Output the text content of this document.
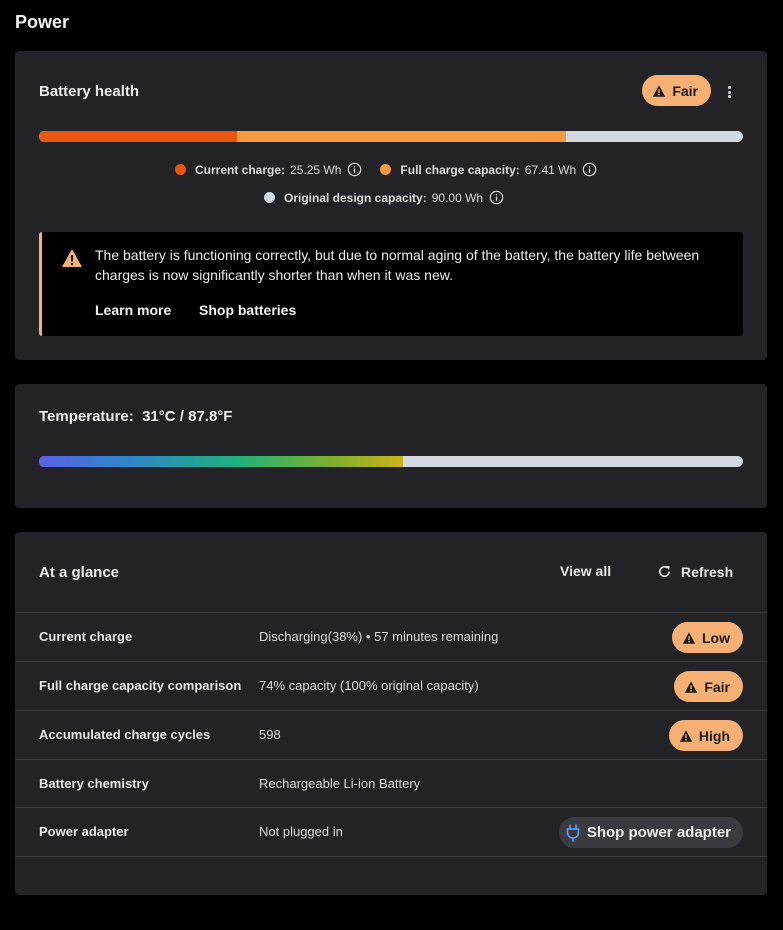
Power
Battery health	Fair
Current charge: 25.25 Wh	Full charge capacity: 67.41 Wh
Original design capacity: 90.00 Wh
The battery is functioning correctly, but due to normal aging of the battery, the battery life between charges is now significantly shorter than when it was new.
Learn more Shop batteries
Temperature: 31°C / 87.8°F
At a glance	View all	Refresh
Current charge	Discharging(38%) • 57 minutes remaining	Low
Full charge capacity comparison 74% capacity (100% original capacity)	Fair
Accumulated charge cycles	598	High
Battery chemistry	Rechargeable Li-ion Battery
Power adapter	Not plugged in	Shop power adapter
